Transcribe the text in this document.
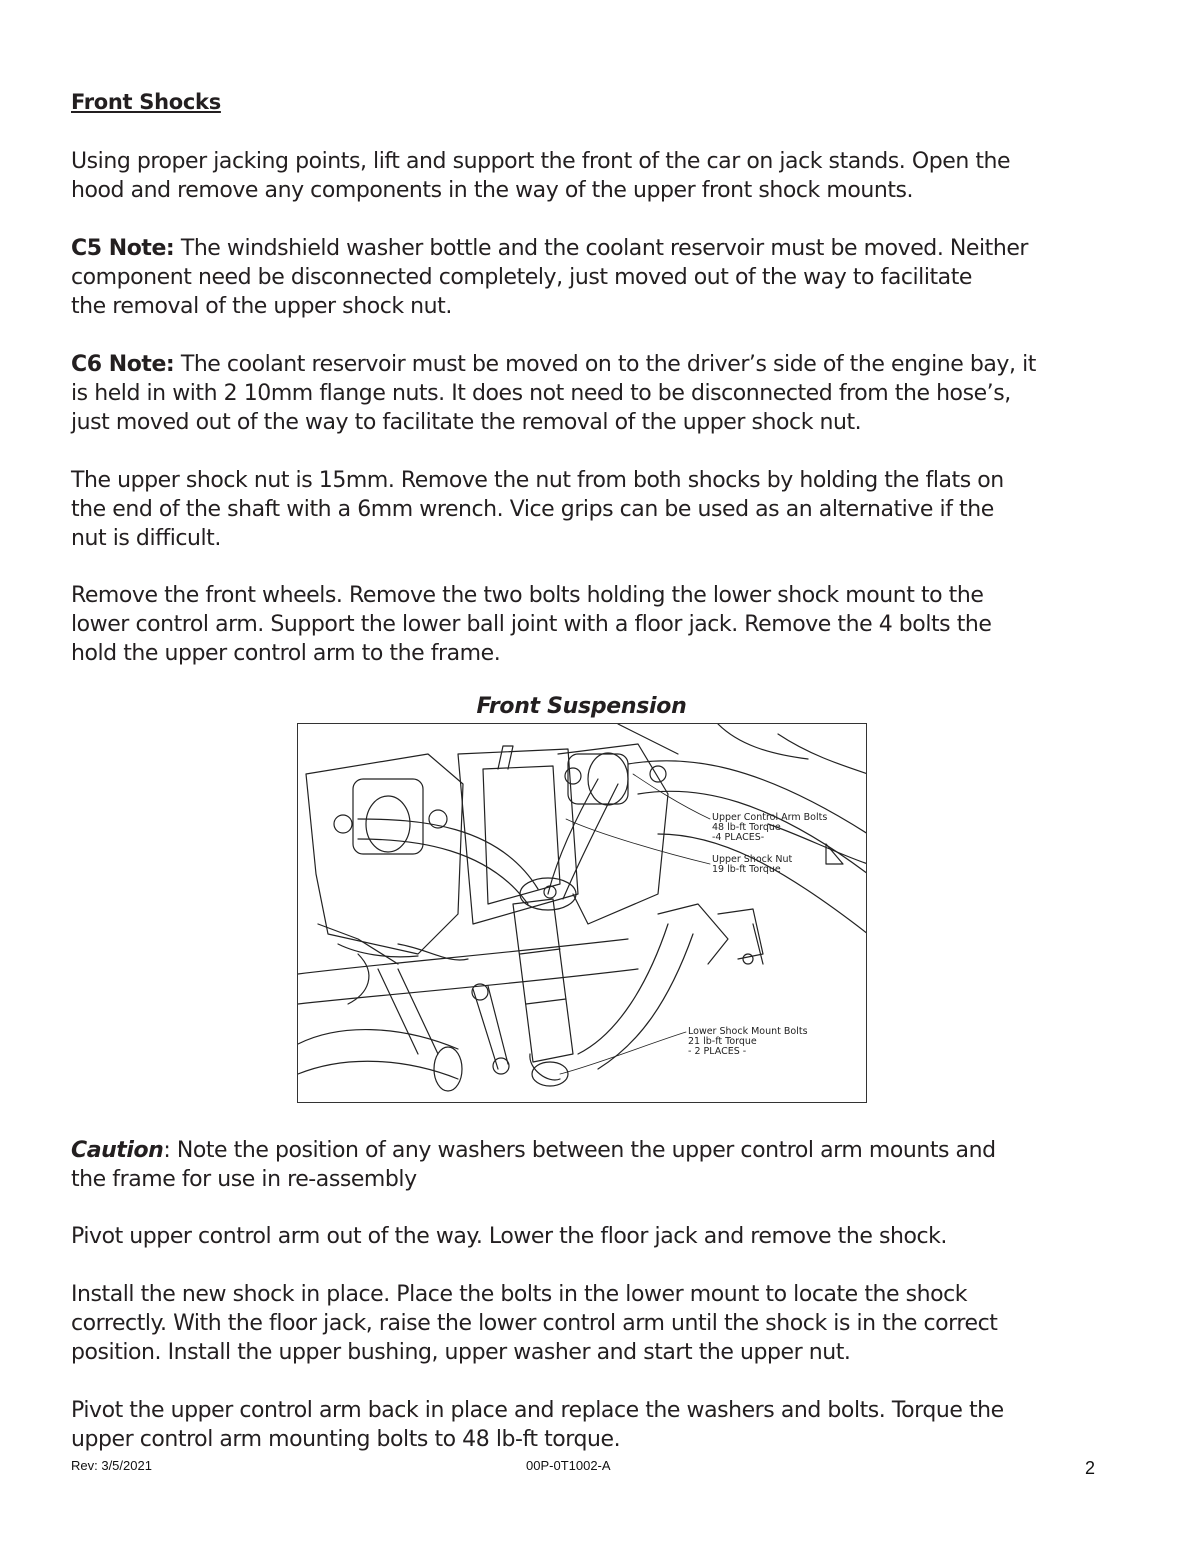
Front Shocks

Using proper jacking points, lift and support the front of the car on jack stands. Open the
hood and remove any components in the way of the upper front shock mounts.

C5 Note: The windshield washer bottle and the coolant reservoir must be moved. Neither
component need be disconnected completely, just moved out of the way to facilitate
the removal of the upper shock nut.

C6 Note: The coolant reservoir must be moved on to the driver’s side of the engine bay, it
is held in with 2 10mm flange nuts. It does not need to be disconnected from the hose’s,
just moved out of the way to facilitate the removal of the upper shock nut.

The upper shock nut is 15mm. Remove the nut from both shocks by holding the flats on
the end of the shaft with a 6mm wrench. Vice grips can be used as an alternative if the
nut is difficult.

Remove the front wheels. Remove the two bolts holding the lower shock mount to the
lower control arm. Support the lower ball joint with a floor jack. Remove the 4 bolts the
hold the upper control arm to the frame.

Front Suspension
Upper Control Arm Bolts
48 lb-ft Torque
-4 PLACES-
Upper Shock Nut
19 lb-ft Torque
Lower Shock Mount Bolts
21 lb-ft Torque
- 2 PLACES -

Caution: Note the position of any washers between the upper control arm mounts and
the frame for use in re-assembly

Pivot upper control arm out of the way. Lower the floor jack and remove the shock.

Install the new shock in place. Place the bolts in the lower mount to locate the shock
correctly. With the floor jack, raise the lower control arm until the shock is in the correct
position. Install the upper bushing, upper washer and start the upper nut.

Pivot the upper control arm back in place and replace the washers and bolts. Torque the
upper control arm mounting bolts to 48 lb-ft torque.

Rev: 3/5/2021	00P-0T1002-A	2
